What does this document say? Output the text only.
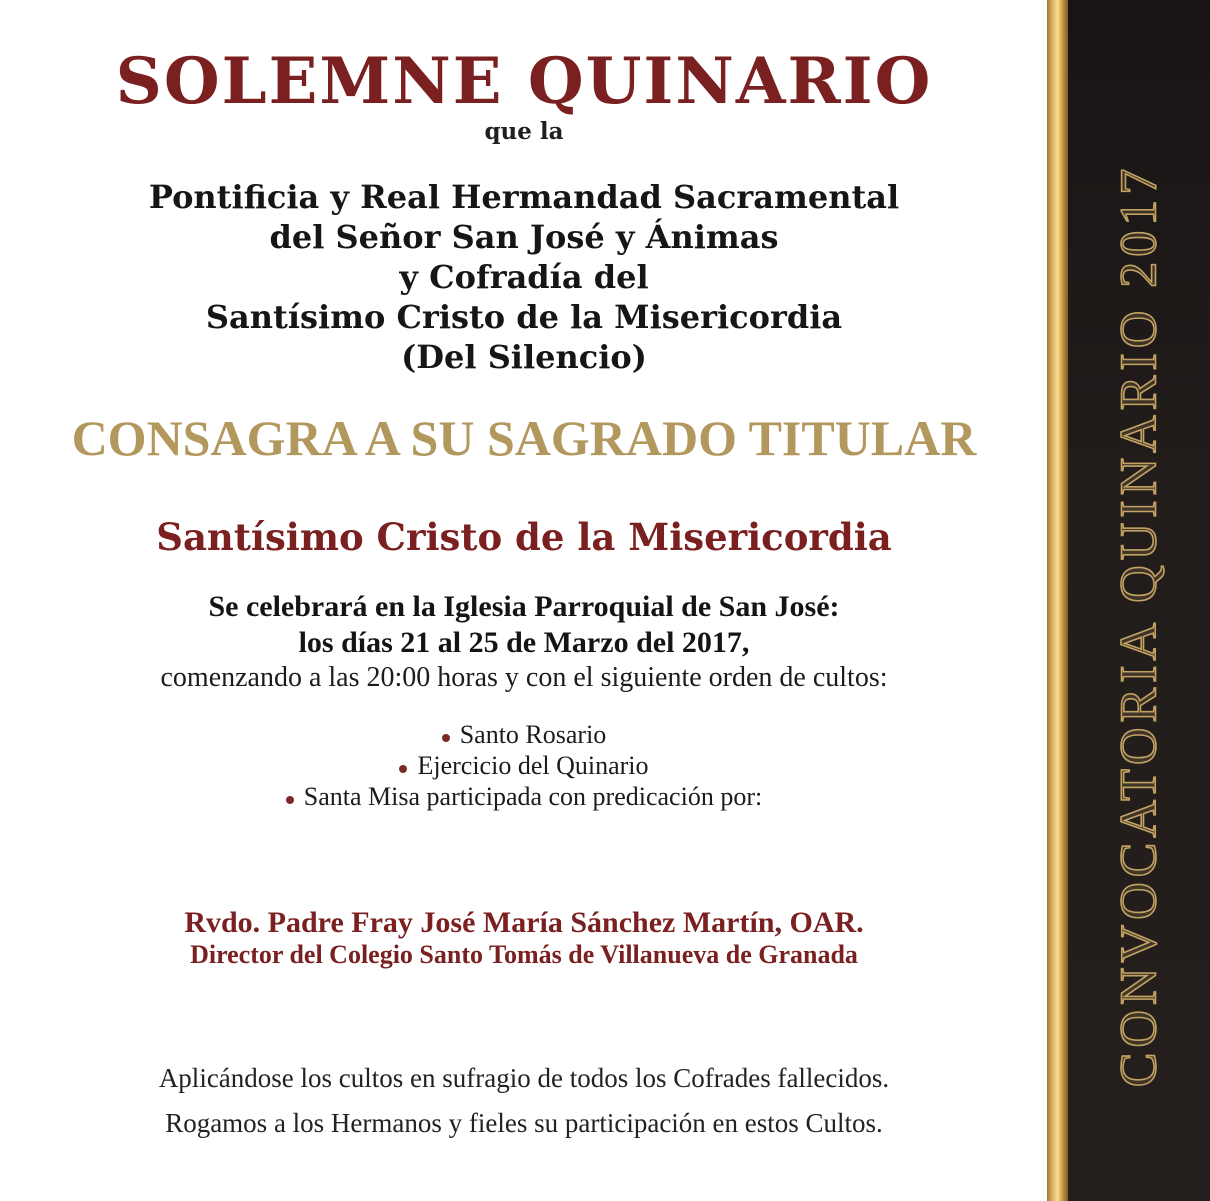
SOLEMNE QUINARIO
que la
Pontificia y Real Hermandad Sacramental
del Señor San José y Ánimas
y Cofradía del
Santísimo Cristo de la Misericordia
(Del Silencio)
CONSAGRA A SU SAGRADO TITULAR
Santísimo Cristo de la Misericordia
Se celebrará en la Iglesia Parroquial de San José:
los días 21 al 25 de Marzo del 2017,
comenzando a las 20:00 horas y con el siguiente orden de cultos:
Santo Rosario
Ejercicio del Quinario
Santa Misa participada con predicación por:
Rvdo. Padre Fray José María Sánchez Martín, OAR.
Director del Colegio Santo Tomás de Villanueva de Granada
Aplicándose los cultos en sufragio de todos los Cofrades fallecidos.
Rogamos a los Hermanos y fieles su participación en estos Cultos.
CONVOCATORIA QUINARIO 2017
